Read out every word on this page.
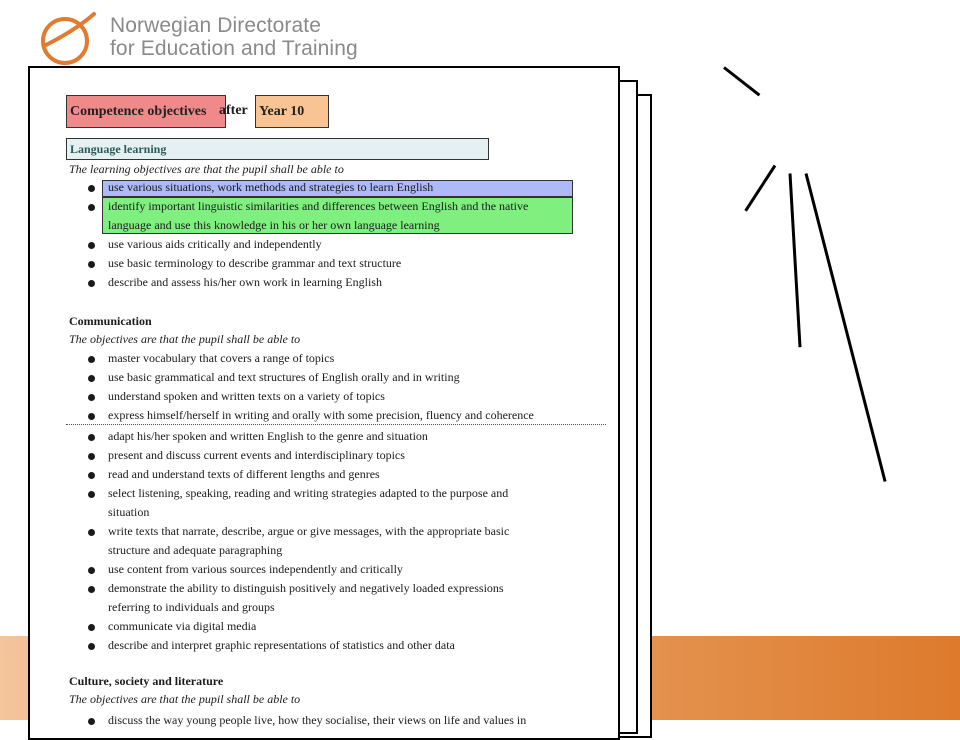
Norwegian Directorate
for Education and Training
Competence objectives after Year 10
Language learning

The learning objectives are that the pupil shall be able to

use various situations, work methods and strategies to learn English

identify important linguistic similarities and differences between English and the native

language and use this knowledge in his or her own language learning

use various aids critically and independently

use basic terminology to describe grammar and text structure

describe and assess his/her own work in learning English

Communication

The objectives are that the pupil shall be able to

master vocabulary that covers a range of topics

use basic grammatical and text structures of English orally and in writing

understand spoken and written texts on a variety of topics

express himself/herself in writing and orally with some precision, fluency and coherence

adapt his/her spoken and written English to the genre and situation

present and discuss current events and interdisciplinary topics

read and understand texts of different lengths and genres

select listening, speaking, reading and writing strategies adapted to the purpose and

situation

write texts that narrate, describe, argue or give messages, with the appropriate basic

structure and adequate paragraphing

use content from various sources independently and critically

demonstrate the ability to distinguish positively and negatively loaded expressions

referring to individuals and groups

communicate via digital media

describe and interpret graphic representations of statistics and other data

Culture, society and literature

The objectives are that the pupil shall be able to

discuss the way young people live, how they socialise, their views on life and values in
